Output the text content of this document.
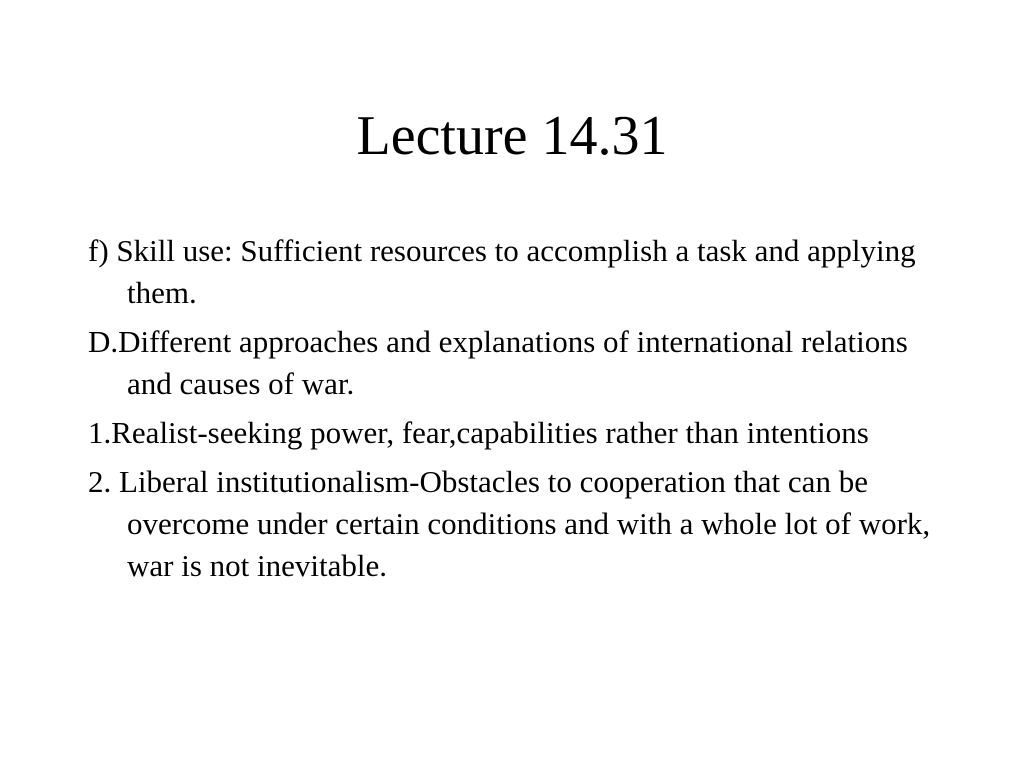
Lecture 14.31
f) Skill use: Sufficient resources to accomplish a task and applying them.
D.Different approaches and explanations of international relations and causes of war.
1.Realist-seeking power, fear,capabilities rather than intentions
2. Liberal institutionalism-Obstacles to cooperation that can be overcome under certain conditions and with a whole lot of work, war is not inevitable.
